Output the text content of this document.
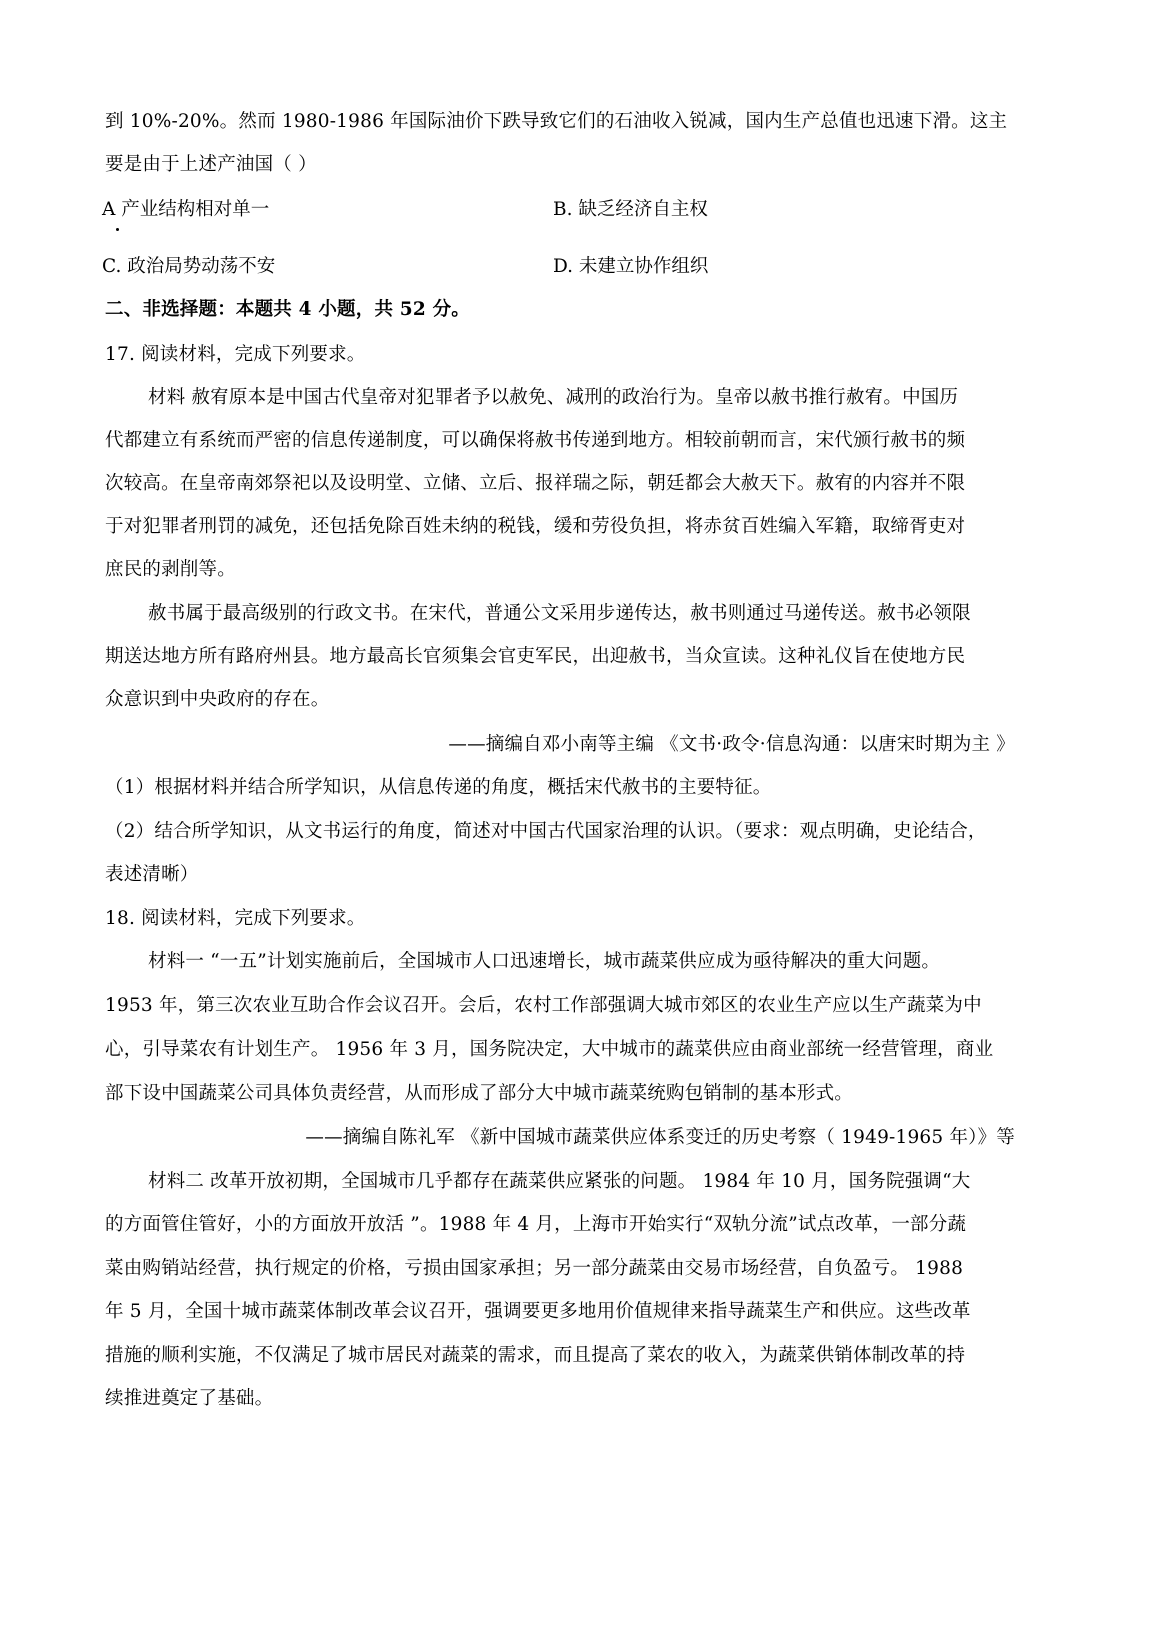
到 10%-20%。然而 1980-1986 年国际油价下跌导致它们的石油收入锐减，国内生产总值也迅速下滑。这主
要是由于上述产油国（ ）
A 产业结构相对单一	B. 缺乏经济自主权
C. 政治局势动荡不安	D. 未建立协作组织
二、非选择题：本题共 4 小题，共 52 分。
17. 阅读材料，完成下列要求。
材料 赦宥原本是中国古代皇帝对犯罪者予以赦免、减刑的政治行为。皇帝以赦书推行赦宥。中国历
代都建立有系统而严密的信息传递制度，可以确保将赦书传递到地方。相较前朝而言，宋代颁行赦书的频
次较高。在皇帝南郊祭祀以及设明堂、立储、立后、报祥瑞之际，朝廷都会大赦天下。赦宥的内容并不限
于对犯罪者刑罚的减免，还包括免除百姓未纳的税钱，缓和劳役负担，将赤贫百姓编入军籍，取缔胥吏对
庶民的剥削等。
赦书属于最高级别的行政文书。在宋代，普通公文采用步递传达，赦书则通过马递传送。赦书必领限
期送达地方所有路府州县。地方最高长官须集会官吏军民，出迎赦书，当众宣读。这种礼仪旨在使地方民
众意识到中央政府的存在。
——摘编自邓小南等主编 《文书·政令·信息沟通：以唐宋时期为主 》
（1）根据材料并结合所学知识，从信息传递的角度，概括宋代赦书的主要特征。
（2）结合所学知识，从文书运行的角度，简述对中国古代国家治理的认识。（要求：观点明确，史论结合，
表述清晰）
18. 阅读材料，完成下列要求。
材料一 “一五”计划实施前后，全国城市人口迅速增长，城市蔬菜供应成为亟待解决的重大问题。
1953 年，第三次农业互助合作会议召开。会后，农村工作部强调大城市郊区的农业生产应以生产蔬菜为中
心，引导菜农有计划生产。 1956 年 3 月，国务院决定，大中城市的蔬菜供应由商业部统一经营管理，商业
部下设中国蔬菜公司具体负责经营，从而形成了部分大中城市蔬菜统购包销制的基本形式。
——摘编自陈礼军 《新中国城市蔬菜供应体系变迁的历史考察（ 1949-1965 年）》等
材料二 改革开放初期，全国城市几乎都存在蔬菜供应紧张的问题。 1984 年 10 月，国务院强调“大
的方面管住管好，小的方面放开放活 ”。1988 年 4 月，上海市开始实行“双轨分流”试点改革，一部分蔬
菜由购销站经营，执行规定的价格，亏损由国家承担；另一部分蔬菜由交易市场经营，自负盈亏。 1988
年 5 月，全国十城市蔬菜体制改革会议召开，强调要更多地用价值规律来指导蔬菜生产和供应。这些改革
措施的顺利实施，不仅满足了城市居民对蔬菜的需求，而且提高了菜农的收入，为蔬菜供销体制改革的持
续推进奠定了基础。
